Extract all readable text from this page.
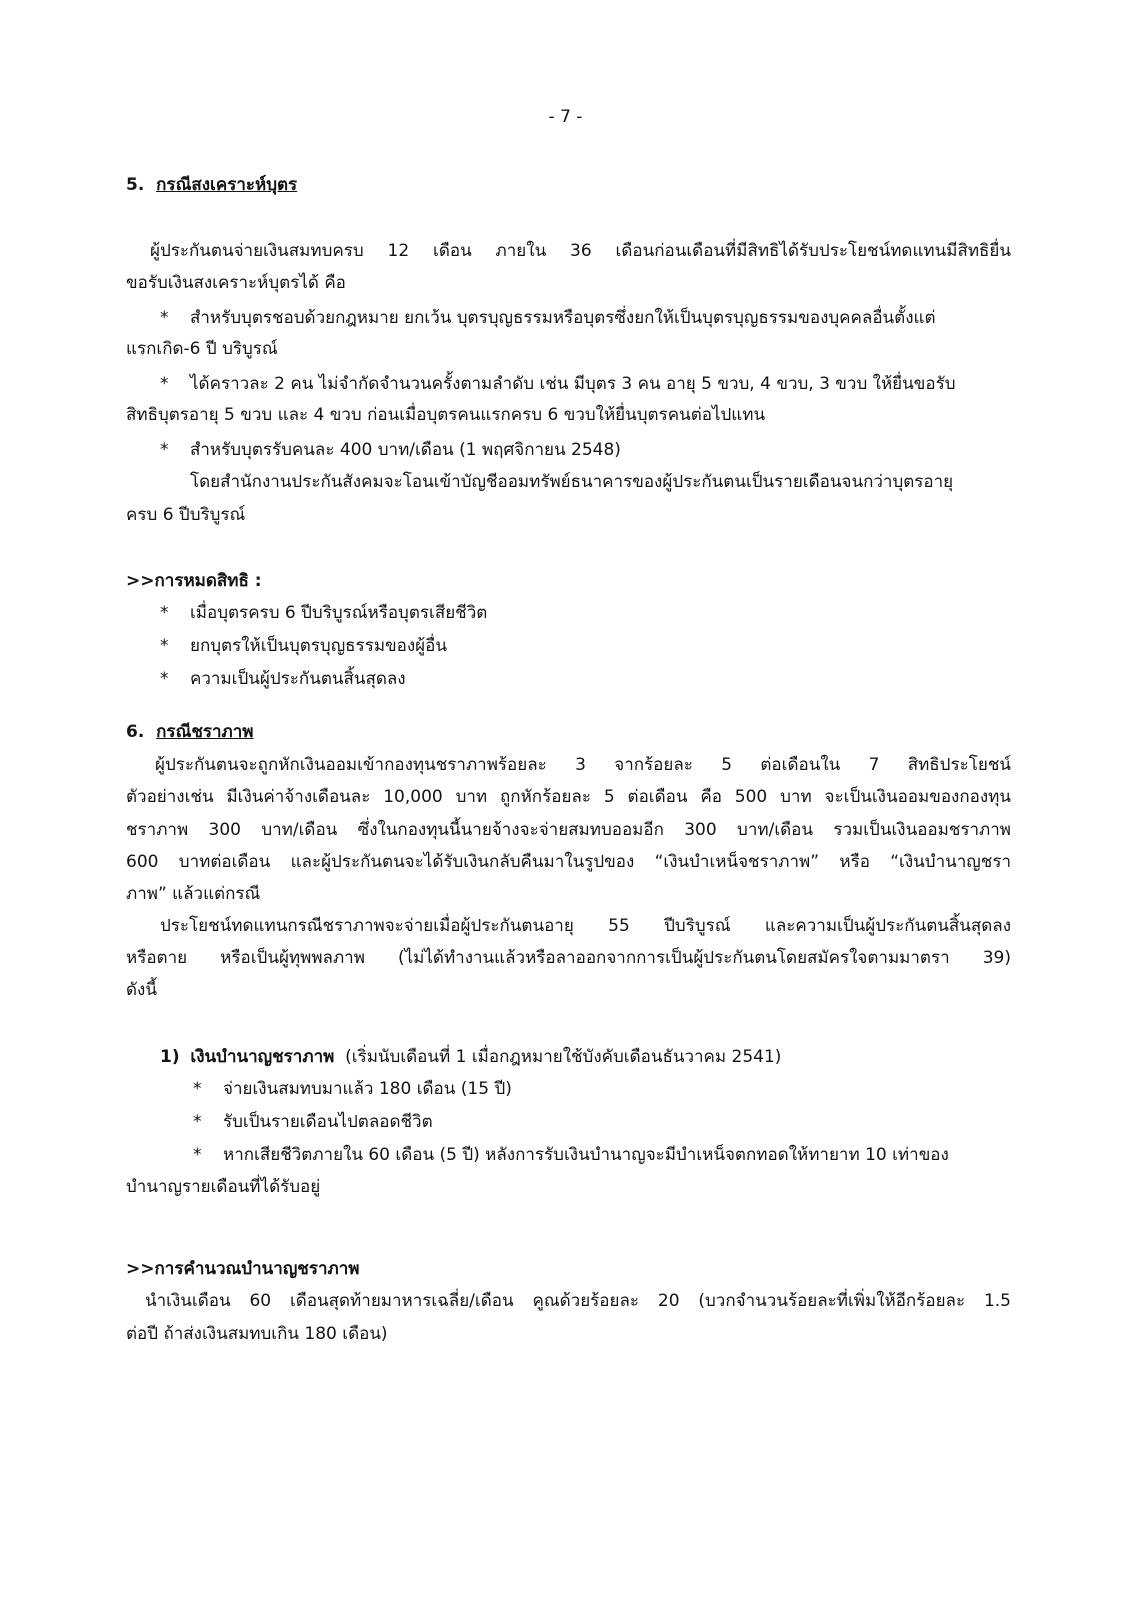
- 7 -
5. กรณีสงเคราะห์บุตร
ผู้ประกันตนจ่ายเงินสมทบครบ 12 เดือน ภายใน 36 เดือนก่อนเดือนที่มีสิทธิได้รับประโยชน์ทดแทนมีสิทธิยื่น
ขอรับเงินสงเคราะห์บุตรได้ คือ
* สำหรับบุตรชอบด้วยกฎหมาย ยกเว้น บุตรบุญธรรมหรือบุตรซึ่งยกให้เป็นบุตรบุญธรรมของบุคคลอื่นตั้งแต่
แรกเกิด-6 ปี บริบูรณ์
* ได้คราวละ 2 คน ไม่จำกัดจำนวนครั้งตามลำดับ เช่น มีบุตร 3 คน อายุ 5 ขวบ, 4 ขวบ, 3 ขวบ ให้ยื่นขอรับ
สิทธิบุตรอายุ 5 ขวบ และ 4 ขวบ ก่อนเมื่อบุตรคนแรกครบ 6 ขวบให้ยื่นบุตรคนต่อไปแทน
* สำหรับบุตรรับคนละ 400 บาท/เดือน (1 พฤศจิกายน 2548)
โดยสำนักงานประกันสังคมจะโอนเข้าบัญชีออมทรัพย์ธนาคารของผู้ประกันตนเป็นรายเดือนจนกว่าบุตรอายุ
ครบ 6 ปีบริบูรณ์
>>การหมดสิทธิ :
* เมื่อบุตรครบ 6 ปีบริบูรณ์หรือบุตรเสียชีวิต
* ยกบุตรให้เป็นบุตรบุญธรรมของผู้อื่น
* ความเป็นผู้ประกันตนสิ้นสุดลง
6. กรณีชราภาพ
ผู้ประกันตนจะถูกหักเงินออมเข้ากองทุนชราภาพร้อยละ 3 จากร้อยละ 5 ต่อเดือนใน 7 สิทธิประโยชน์
ตัวอย่างเช่น มีเงินค่าจ้างเดือนละ 10,000 บาท ถูกหักร้อยละ 5 ต่อเดือน คือ 500 บาท จะเป็นเงินออมของกองทุน
ชราภาพ 300 บาท/เดือน ซึ่งในกองทุนนี้นายจ้างจะจ่ายสมทบออมอีก 300 บาท/เดือน รวมเป็นเงินออมชราภาพ
600 บาทต่อเดือน และผู้ประกันตนจะได้รับเงินกลับคืนมาในรูปของ “เงินบำเหน็จชราภาพ” หรือ “เงินบำนาญชรา
ภาพ” แล้วแต่กรณี
ประโยชน์ทดแทนกรณีชราภาพจะจ่ายเมื่อผู้ประกันตนอายุ 55 ปีบริบูรณ์ และความเป็นผู้ประกันตนสิ้นสุดลง
หรือตาย หรือเป็นผู้ทุพพลภาพ (ไม่ได้ทำงานแล้วหรือลาออกจากการเป็นผู้ประกันตนโดยสมัครใจตามมาตรา 39)
ดังนี้
1) เงินบำนาญชราภาพ (เริ่มนับเดือนที่ 1 เมื่อกฎหมายใช้บังคับเดือนธันวาคม 2541)
* จ่ายเงินสมทบมาแล้ว 180 เดือน (15 ปี)
* รับเป็นรายเดือนไปตลอดชีวิต
* หากเสียชีวิตภายใน 60 เดือน (5 ปี) หลังการรับเงินบำนาญจะมีบำเหน็จตกทอดให้ทายาท 10 เท่าของ
บำนาญรายเดือนที่ได้รับอยู่
>>การคำนวณบำนาญชราภาพ
นำเงินเดือน 60 เดือนสุดท้ายมาหารเฉลี่ย/เดือน คูณด้วยร้อยละ 20 (บวกจำนวนร้อยละที่เพิ่มให้อีกร้อยละ 1.5
ต่อปี ถ้าส่งเงินสมทบเกิน 180 เดือน)
